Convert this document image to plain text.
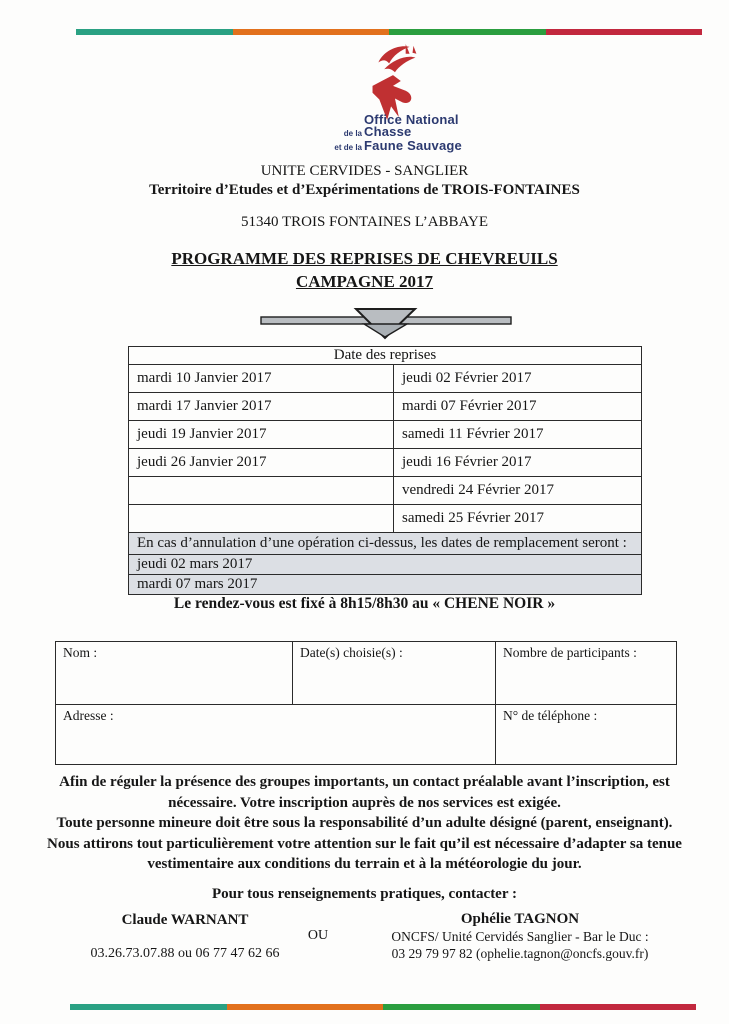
Office National
de la Chasse
et de la Faune Sauvage
UNITE CERVIDES - SANGLIER
Territoire d’Etudes et d’Expérimentations de TROIS-FONTAINES
51340 TROIS FONTAINES L’ABBAYE
PROGRAMME DES REPRISES DE CHEVREUILS
CAMPAGNE 2017
Date des reprises	
mardi 10 Janvier 2017	jeudi 02 Février 2017
mardi 17 Janvier 2017	mardi 07 Février 2017
jeudi 19 Janvier 2017	samedi 11 Février 2017
jeudi 26 Janvier 2017	jeudi 16 Février 2017
	vendredi 24 Février 2017
	samedi 25 Février 2017
En cas d’annulation d’une opération ci-dessus, les dates de remplacement seront :	
jeudi 02 mars 2017	
mardi 07 mars 2017	
Le rendez-vous est fixé à 8h15/8h30 au « CHENE NOIR »
Nom :	Date(s) choisie(s) :	Nombre de participants :
Adresse :		N° de téléphone :

Afin de réguler la présence des groupes importants, un contact préalable avant l’inscription, est nécessaire. Votre inscription auprès de nos services est exigée.

Toute personne mineure doit être sous la responsabilité d’un adulte désigné (parent, enseignant).

Nous attirons tout particulièrement votre attention sur le fait qu’il est nécessaire d’adapter sa tenue vestimentaire aux conditions du terrain et à la météorologie du jour.

Pour tous renseignements pratiques, contacter :
Claude WARNANT
03.26.73.07.88 ou 06 77 47 62 66
OU
Ophélie TAGNON
ONCFS/ Unité Cervidés Sanglier - Bar le Duc :
03 29 79 97 82 (ophelie.tagnon@oncfs.gouv.fr)
